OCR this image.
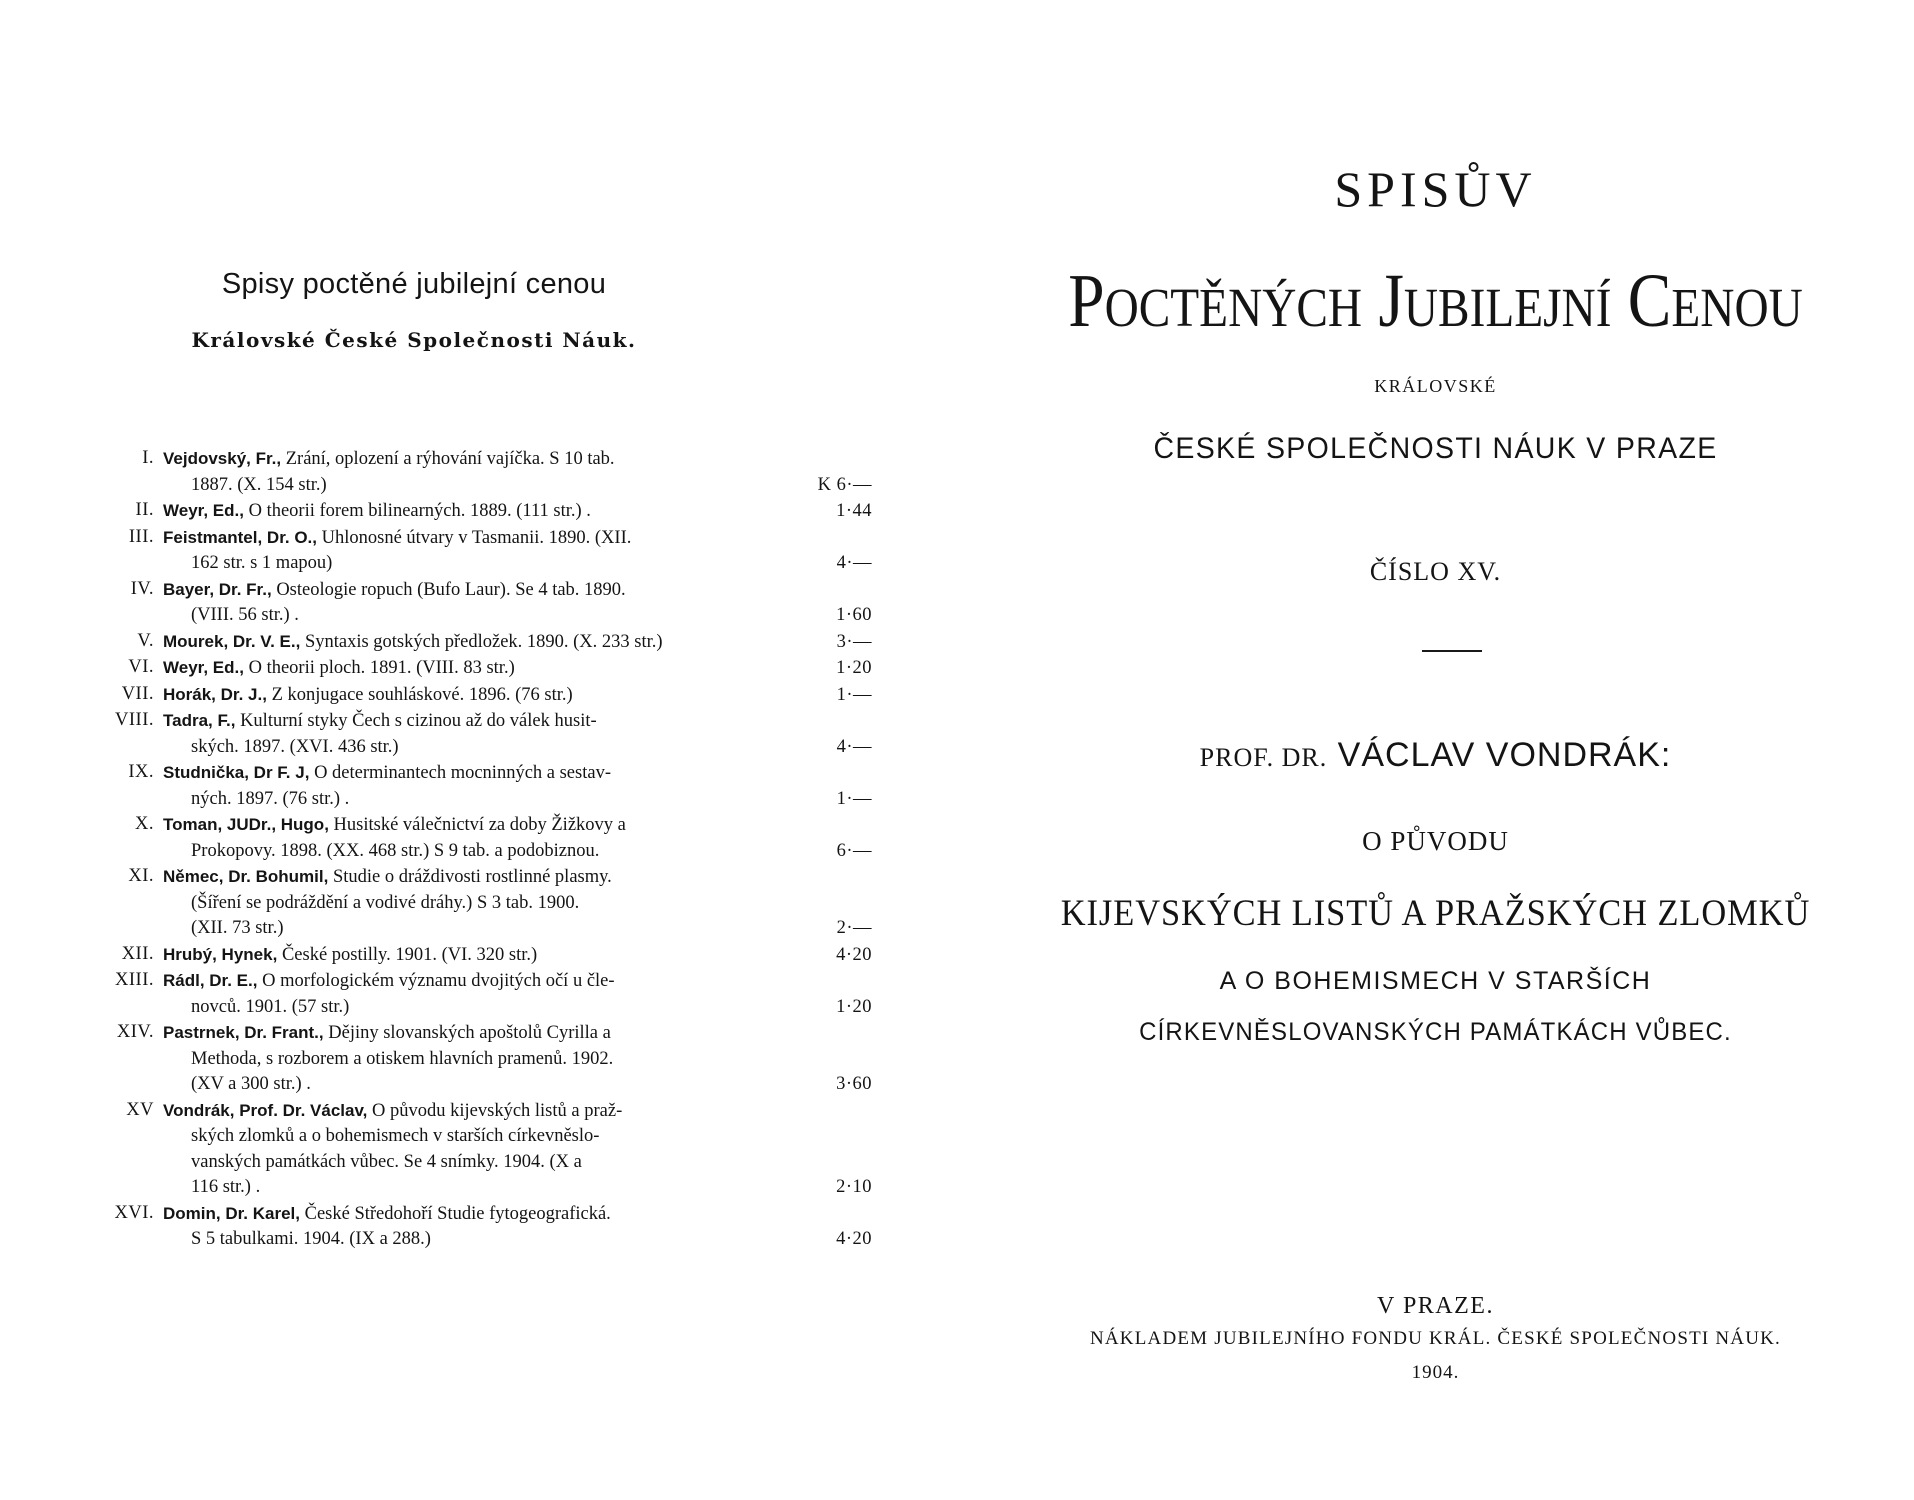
Spisy poctěné jubilejní cenou
Královské České Společnosti Náuk.
I. Vejdovský, Fr., Zrání, oplození a rýhování vajíčka. S 10 tab.
1887. (X. 154 str.)	K 6·—
II. Weyr, Ed., O theorii forem bilinearných. 1889. (111 str.) .	1·44
III. Feistmantel, Dr. O., Uhlonosné útvary v Tasmanii. 1890. (XII.
162 str. s 1 mapou)	4·—
IV. Bayer, Dr. Fr., Osteologie ropuch (Bufo Laur). Se 4 tab. 1890.
(VIII. 56 str.) .	1·60
V. Mourek, Dr. V. E., Syntaxis gotských předložek. 1890. (X. 233 str.)	3·—
VI. Weyr, Ed., O theorii ploch. 1891. (VIII. 83 str.)	1·20
VII. Horák, Dr. J., Z konjugace souhláskové. 1896. (76 str.)	1·—
VIII. Tadra, F., Kulturní styky Čech s cizinou až do válek husit-
ských. 1897. (XVI. 436 str.)	4·—
IX. Studnička, Dr F. J, O determinantech mocninných a sestav-
ných. 1897. (76 str.) .	1·—
X. Toman, JUDr., Hugo, Husitské válečnictví za doby Žižkovy a
Prokopovy. 1898. (XX. 468 str.) S 9 tab. a podobiznou.	6·—
XI. Němec, Dr. Bohumil, Studie o dráždivosti rostlinné plasmy.
(Šíření se podráždění a vodivé dráhy.) S 3 tab. 1900.
(XII. 73 str.)	2·—
XII. Hrubý, Hynek, České postilly. 1901. (VI. 320 str.)	4·20
XIII. Rádl, Dr. E., O morfologickém významu dvojitých očí u čle-
novců. 1901. (57 str.)	1·20
XIV. Pastrnek, Dr. Frant., Dějiny slovanských apoštolů Cyrilla a
Methoda, s rozborem a otiskem hlavních pramenů. 1902.
(XV a 300 str.) .	3·60
XV Vondrák, Prof. Dr. Václav, O původu kijevských listů a praž-
ských zlomků a o bohemismech v starších církevněslo-
vanských památkách vůbec. Se 4 snímky. 1904. (X a
116 str.) .	2·10
XVI. Domin, Dr. Karel, České Středohoří Studie fytogeografická.
S 5 tabulkami. 1904. (IX a 288.)	4·20
SPISŮV
POCTĚNÝCH JUBILEJNÍ CENOU
KRÁLOVSKÉ
ČESKÉ SPOLEČNOSTI NÁUK V PRAZE
ČÍSLO XV.
PROF. DR. VÁCLAV VONDRÁK:
O PŮVODU
KIJEVSKÝCH LISTŮ A PRAŽSKÝCH ZLOMKŮ
A O BOHEMISMECH V STARŠÍCH
CÍRKEVNĚSLOVANSKÝCH PAMÁTKÁCH VŮBEC.
V PRAZE.
NÁKLADEM JUBILEJNÍHO FONDU KRÁL. ČESKÉ SPOLEČNOSTI NÁUK.
1904.
